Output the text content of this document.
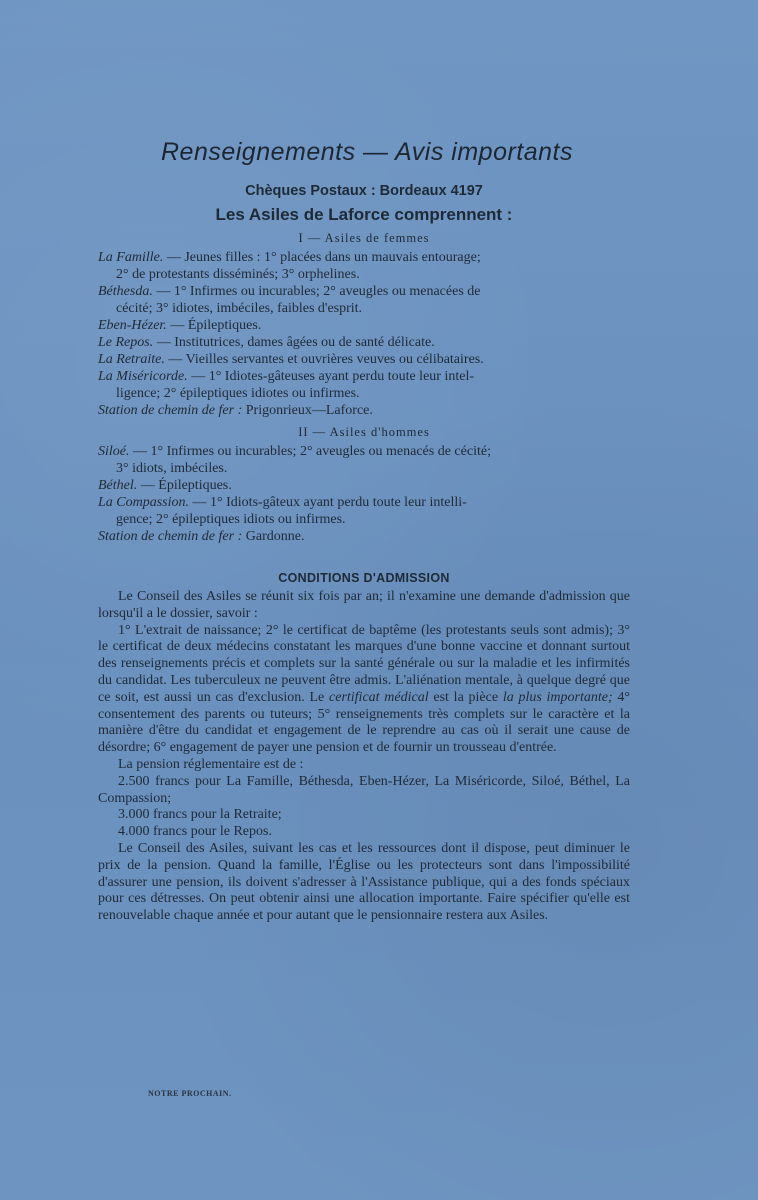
Renseignements — Avis importants
Chèques Postaux : Bordeaux 4197
Les Asiles de Laforce comprennent :
I — Asiles de femmes

La Famille. — Jeunes filles : 1° placées dans un mauvais entourage;
2° de protestants disséminés; 3° orphelines.

Béthesda. — 1° Infirmes ou incurables; 2° aveugles ou menacées de
cécité; 3° idiotes, imbéciles, faibles d'esprit.

Eben-Hézer. — Épileptiques.

Le Repos. — Institutrices, dames âgées ou de santé délicate.

La Retraite. — Vieilles servantes et ouvrières veuves ou célibataires.

La Miséricorde. — 1° Idiotes-gâteuses ayant perdu toute leur intel-
ligence; 2° épileptiques idiotes ou infirmes.

Station de chemin de fer : Prigonrieux—Laforce.

II — Asiles d'hommes

Siloé. — 1° Infirmes ou incurables; 2° aveugles ou menacés de cécité;
3° idiots, imbéciles.

Béthel. — Épileptiques.

La Compassion. — 1° Idiots-gâteux ayant perdu toute leur intelli-
gence; 2° épileptiques idiots ou infirmes.

Station de chemin de fer : Gardonne.

CONDITIONS D'ADMISSION

Le Conseil des Asiles se réunit six fois par an; il n'examine une demande d'admission que lorsqu'il a le dossier, savoir :

1° L'extrait de naissance; 2° le certificat de baptême (les protestants seuls sont admis); 3° le certificat de deux médecins constatant les marques d'une bonne vaccine et donnant surtout des renseignements précis et complets sur la santé générale ou sur la maladie et les infirmités du candidat. Les tuberculeux ne peuvent être admis. L'aliénation mentale, à quelque degré que ce soit, est aussi un cas d'exclusion. Le certificat médical est la pièce la plus importante; 4° consentement des parents ou tuteurs; 5° renseignements très complets sur le caractère et la manière d'être du candidat et engagement de le reprendre au cas où il serait une cause de désordre; 6° engagement de payer une pension et de fournir un trousseau d'entrée.

La pension réglementaire est de :

2.500 francs pour La Famille, Béthesda, Eben-Hézer, La Miséricorde, Siloé, Béthel, La Compassion;

3.000 francs pour la Retraite;

4.000 francs pour le Repos.

Le Conseil des Asiles, suivant les cas et les ressources dont il dispose, peut diminuer le prix de la pension. Quand la famille, l'Église ou les protecteurs sont dans l'impossibilité d'assurer une pension, ils doivent s'adresser à l'Assistance publique, qui a des fonds spéciaux pour ces détresses. On peut obtenir ainsi une allocation importante. Faire spécifier qu'elle est renouvelable chaque année et pour autant que le pensionnaire restera aux Asiles.

NOTRE PROCHAIN.
